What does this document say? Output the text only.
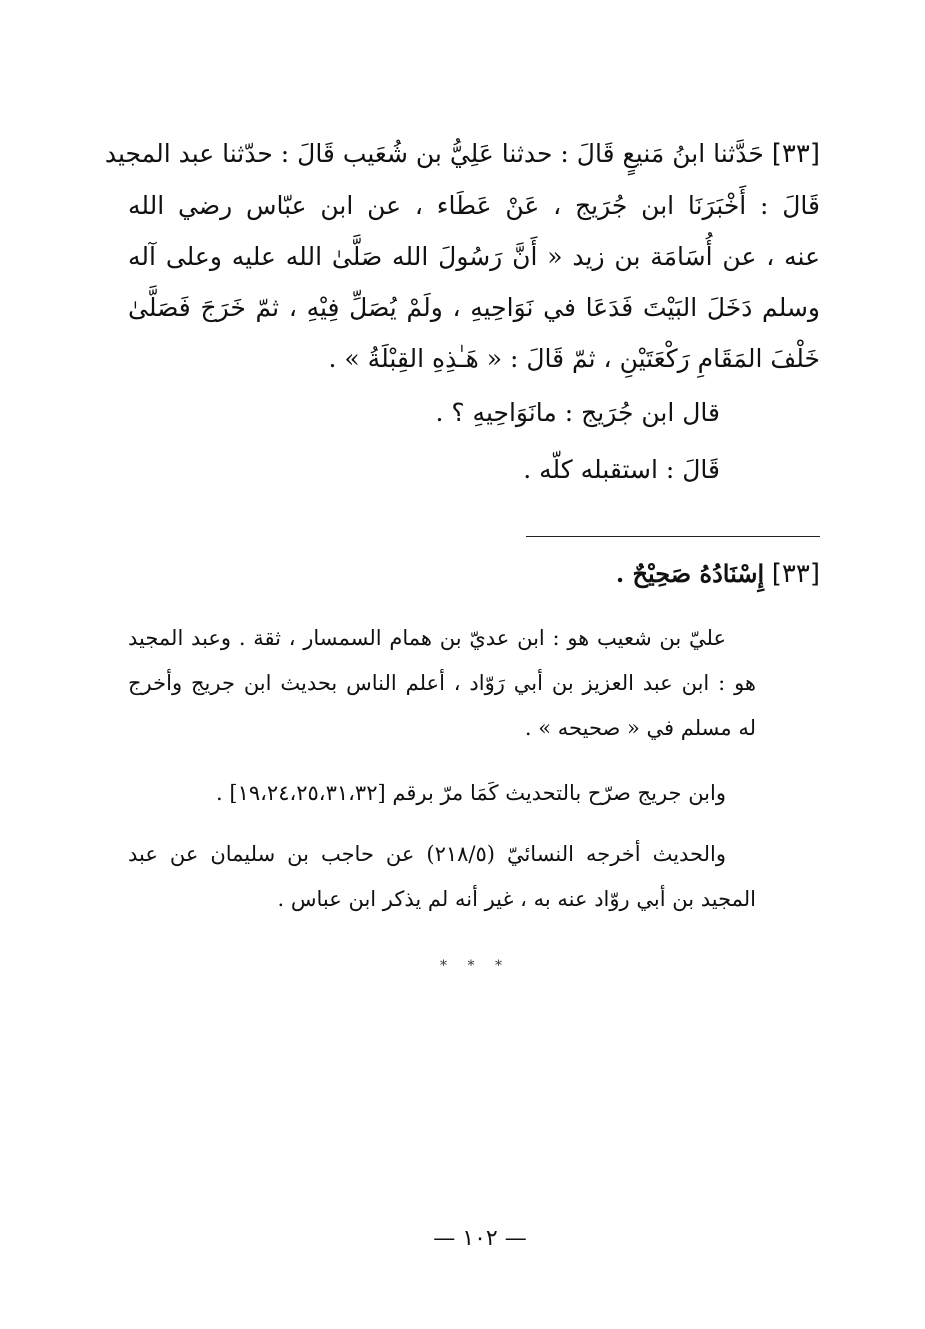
[٣٣] حَدَّثنا ابنُ مَنيعٍ قَالَ : حدثنا عَلِيُّ بن شُعَيب قَالَ : حدّثنا عبد المجيد
قَالَ : أَخْبَرَنَا ابن جُرَيج ، عَنْ عَطَاء ، عن ابن عبّاس رضي الله
عنه ، عن أُسَامَة بن زيد « أَنَّ رَسُولَ الله صَلَّىٰ الله عليه وعلى آله
وسلم دَخَلَ البَيْتَ فَدَعَا في نَوَاحِيهِ ، ولَمْ يُصَلِّ فِيْهِ ، ثمّ خَرَجَ فَصَلَّىٰ
خَلْفَ المَقَامِ رَكْعَتَيْنِ ، ثمّ قَالَ : « هَـٰذِهِ القِبْلَةُ » .
قال ابن جُرَيج : مانَوَاحِيهِ ؟ .
قَالَ : استقبله كلّه .
[٣٣] إِسْنَادُهُ صَحِيْحٌ .
عليّ بن شعيب هو : ابن عديّ بن همام السمسار ، ثقة . وعبد المجيد
هو : ابن عبد العزيز بن أبي رَوّاد ، أعلم الناس بحديث ابن جريج وأخرج
له مسلم في « صحيحه » .
وابن جريج صرّح بالتحديث كَمَا مرّ برقم [١٩،٢٤،٢٥،٣١،٣٢] .
والحديث أخرجه النسائيّ (٢١٨/٥) عن حاجب بن سليمان عن عبد
المجيد بن أبي روّاد عنه به ، غير أنه لم يذكر ابن عباس .
* * *
— ١٠٢ —
